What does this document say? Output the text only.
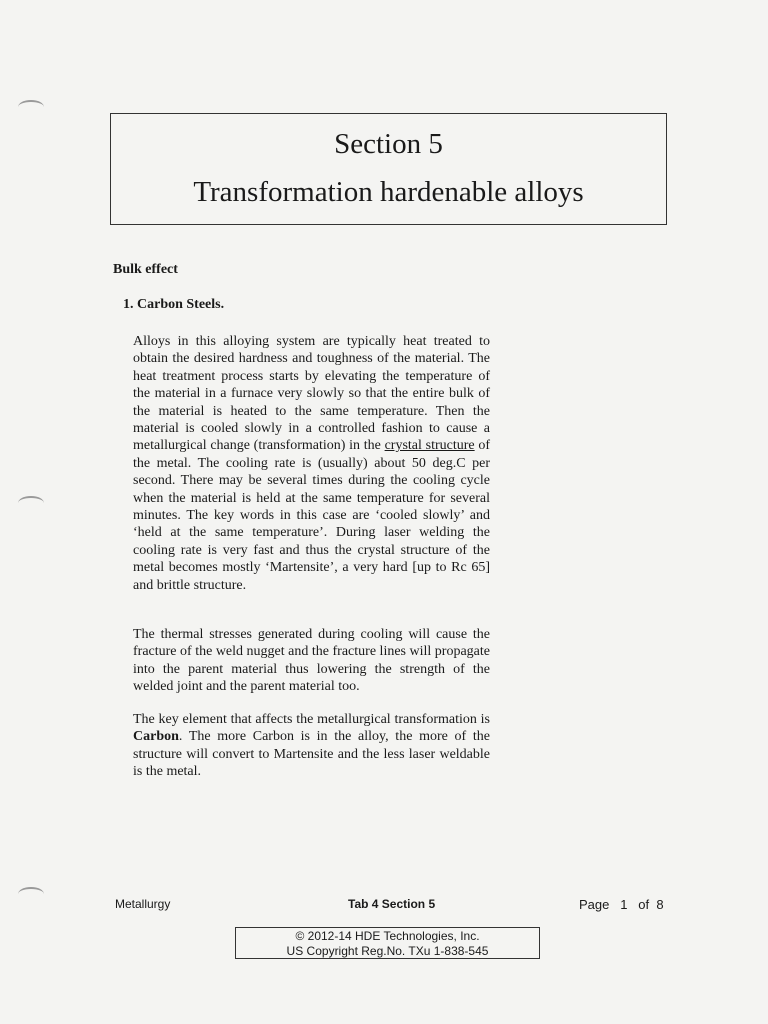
Section 5
Transformation hardenable alloys
Bulk effect
1. Carbon Steels.
Alloys in this alloying system are typically heat treated to obtain the desired hardness and toughness of the material. The heat treatment process starts by elevating the temperature of the material in a furnace very slowly so that the entire bulk of the material is heated to the same temperature. Then the material is cooled slowly in a controlled fashion to cause a metallurgical change (transformation) in the crystal structure of the metal. The cooling rate is (usually) about 50 deg.C per second. There may be several times during the cooling cycle when the material is held at the same temperature for several minutes. The key words in this case are ‘cooled slowly’ and ‘held at the same temperature’. During laser welding the cooling rate is very fast and thus the crystal structure of the metal becomes mostly ‘Martensite’, a very hard [up to Rc 65] and brittle structure.
The thermal stresses generated during cooling will cause the fracture of the weld nugget and the fracture lines will propagate into the parent material thus lowering the strength of the welded joint and the parent material too.
The key element that affects the metallurgical transformation is Carbon. The more Carbon is in the alloy, the more of the structure will convert to Martensite and the less laser weldable is the metal.
Metallurgy	Tab 4 Section 5	Page   1   of  8
© 2012-14 HDE Technologies, Inc.
US Copyright Reg.No. TXu 1-838-545
